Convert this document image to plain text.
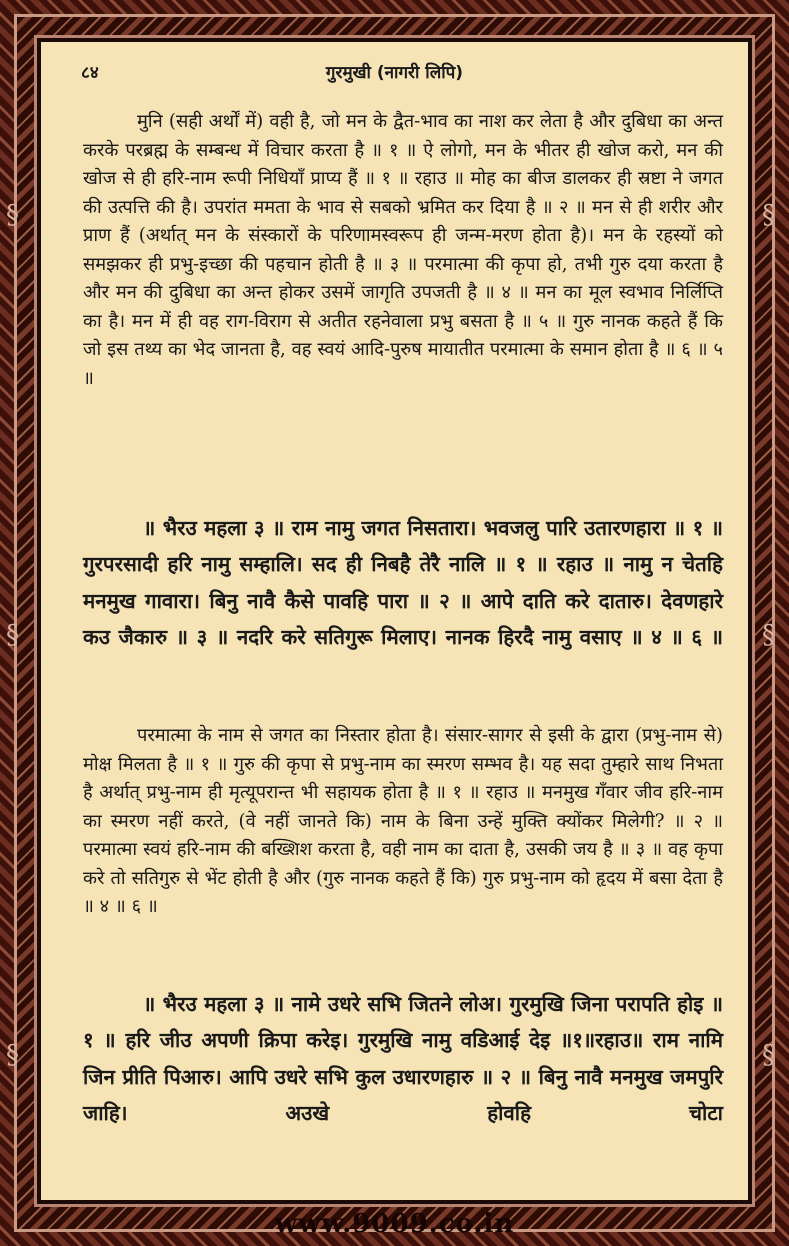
§
§
§
§
§
§
८४	गुरमुखी (नागरी लिपि)

मुनि (सही अर्थों में) वही है, जो मन के द्वैत-भाव का नाश कर लेता है और दुबिधा का अन्त करके परब्रह्म के सम्बन्ध में विचार करता है ॥ १ ॥ ऐ लोगो, मन के भीतर ही खोज करो, मन की खोज से ही हरि-नाम रूपी निधियाँ प्राप्य हैं ॥ १ ॥ रहाउ ॥ मोह का बीज डालकर ही स्रष्टा ने जगत की उत्पत्ति की है। उपरांत ममता के भाव से सबको भ्रमित कर दिया है ॥ २ ॥ मन से ही शरीर और प्राण हैं (अर्थात् मन के संस्कारों के परिणामस्वरूप ही जन्म-मरण होता है)। मन के रहस्यों को समझकर ही प्रभु-इच्छा की पहचान होती है ॥ ३ ॥ परमात्मा की कृपा हो, तभी गुरु दया करता है और मन की दुबिधा का अन्त होकर उसमें जागृति उपजती है ॥ ४ ॥ मन का मूल स्वभाव निर्लिप्ति का है। मन में ही वह राग-विराग से अतीत रहनेवाला प्रभु बसता है ॥ ५ ॥ गुरु नानक कहते हैं कि जो इस तथ्य का भेद जानता है, वह स्वयं आदि-पुरुष मायातीत परमात्मा के समान होता है ॥ ६ ॥ ५ ॥

॥ भैरउ महला ३ ॥ राम नामु जगत निसतारा। भवजलु पारि उतारणहारा ॥ १ ॥ गुरपरसादी हरि नामु सम्हालि। सद ही निबहै तेरै नालि ॥ १ ॥ रहाउ ॥ नामु न चेतहि मनमुख गावारा। बिनु नावै कैसे पावहि पारा ॥ २ ॥ आपे दाति करे दातारु। देवणहारे कउ जैकारु ॥ ३ ॥ नदरि करे सतिगुरू मिलाए। नानक हिरदै नामु वसाए ॥ ४ ॥ ६ ॥

परमात्मा के नाम से जगत का निस्तार होता है। संसार-सागर से इसी के द्वारा (प्रभु-नाम से) मोक्ष मिलता है ॥ १ ॥ गुरु की कृपा से प्रभु-नाम का स्मरण सम्भव है। यह सदा तुम्हारे साथ निभता है अर्थात् प्रभु-नाम ही मृत्यूपरान्त भी सहायक होता है ॥ १ ॥ रहाउ ॥ मनमुख गँवार जीव हरि-नाम का स्मरण नहीं करते, (वे नहीं जानते कि) नाम के बिना उन्हें मुक्ति क्योंकर मिलेगी? ॥ २ ॥ परमात्मा स्वयं हरि-नाम की बख्शिश करता है, वही नाम का दाता है, उसकी जय है ॥ ३ ॥ वह कृपा करे तो सतिगुरु से भेंट होती है और (गुरु नानक कहते हैं कि) गुरु प्रभु-नाम को हृदय में बसा देता है ॥ ४ ॥ ६ ॥

॥ भैरउ महला ३ ॥ नामे उधरे सभि जितने लोअ। गुरमुखि जिना परापति होइ ॥ १ ॥ हरि जीउ अपणी क्रिपा करेइ। गुरमुखि नामु वडिआई देइ ॥१॥रहाउ॥ राम नामि जिन प्रीति पिआरु। आपि उधरे सभि कुल उधारणहारु ॥ २ ॥ बिनु नावै मनमुख जमपुरि जाहि। अउखे होवहि चोटा

www.9009.co.in
